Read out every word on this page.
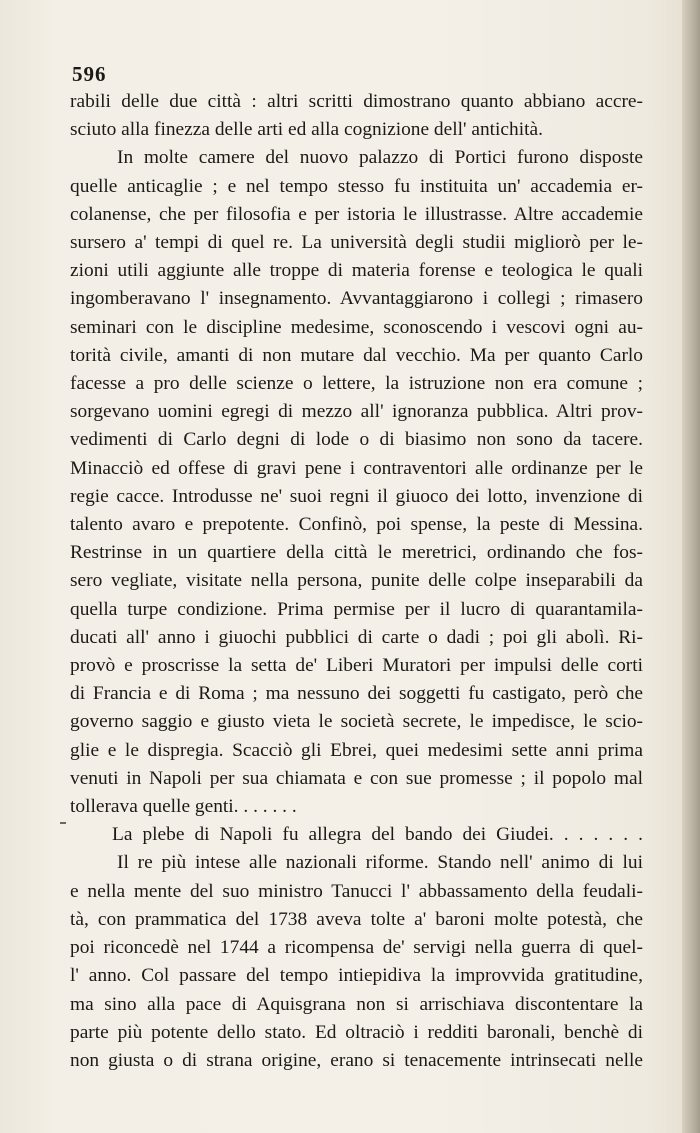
596
rabili delle due città : altri scritti dimostrano quanto abbiano accre-
sciuto alla finezza delle arti ed alla cognizione dell' antichità.
In molte camere del nuovo palazzo di Portici furono disposte
quelle anticaglie ; e nel tempo stesso fu instituita un' accademia er-
colanense, che per filosofia e per istoria le illustrasse. Altre accademie
sursero a' tempi di quel re. La università degli studii migliorò per le-
zioni utili aggiunte alle troppe di materia forense e teologica le quali
ingomberavano l' insegnamento. Avvantaggiarono i collegi ; rimasero
seminari con le discipline medesime, sconoscendo i vescovi ogni au-
torità civile, amanti di non mutare dal vecchio. Ma per quanto Carlo
facesse a pro delle scienze o lettere, la istruzione non era comune ;
sorgevano uomini egregi di mezzo all' ignoranza pubblica. Altri prov-
vedimenti di Carlo degni di lode o di biasimo non sono da tacere.
Minacciò ed offese di gravi pene i contraventori alle ordinanze per le
regie cacce. Introdusse ne' suoi regni il giuoco dei lotto, invenzione di
talento avaro e prepotente. Confinò, poi spense, la peste di Messina.
Restrinse in un quartiere della città le meretrici, ordinando che fos-
sero vegliate, visitate nella persona, punite delle colpe inseparabili da
quella turpe condizione. Prima permise per il lucro di quarantamila-
ducati all' anno i giuochi pubblici di carte o dadi ; poi gli abolì. Ri-
provò e proscrisse la setta de' Liberi Muratori per impulsi delle corti
di Francia e di Roma ; ma nessuno dei soggetti fu castigato, però che
governo saggio e giusto vieta le società secrete, le impedisce, le scio-
glie e le dispregia. Scacciò gli Ebrei, quei medesimi sette anni prima
venuti in Napoli per sua chiamata e con sue promesse ; il popolo mal
tollerava quelle genti. . . . . . .
La plebe di Napoli fu allegra del bando dei Giudei. . . . . . .
Il re più intese alle nazionali riforme. Stando nell' animo di lui
e nella mente del suo ministro Tanucci l' abbassamento della feudali-
tà, con prammatica del 1738 aveva tolte a' baroni molte potestà, che
poi riconcedè nel 1744 a ricompensa de' servigi nella guerra di quel-
l' anno. Col passare del tempo intiepidiva la improvvida gratitudine,
ma sino alla pace di Aquisgrana non si arrischiava discontentare la
parte più potente dello stato. Ed oltraciò i redditi baronali, benchè di
non giusta o di strana origine, erano si tenacemente intrinsecati nelle
